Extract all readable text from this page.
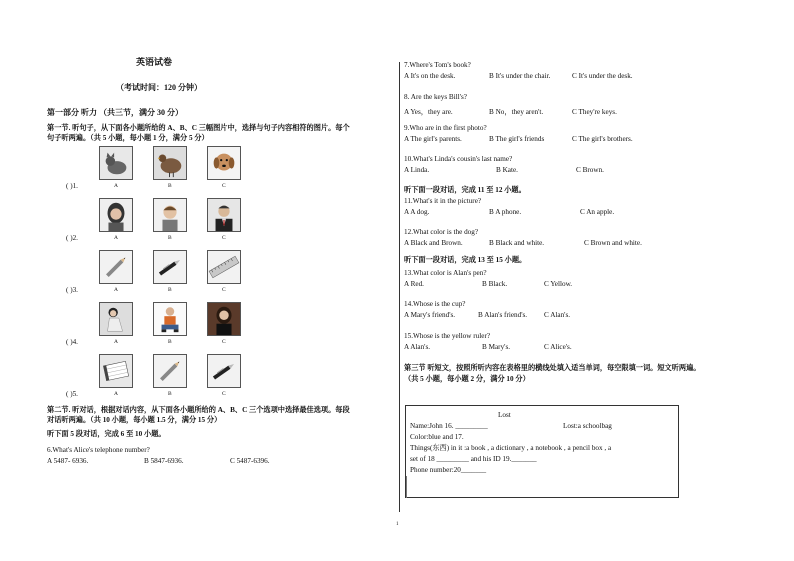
英语试卷
（考试时间：120 分钟）
第一部分 听力 （共三节，满分 30 分）
第一节. 听句子，从下面各小题所给的 A、B、C 三幅图片中，选择与句子内容相符的图片。每个
句子听两遍。（共 5 小题，每小题 1 分，满分 5 分）
( )1.	A	B	C
( )2.	A	B	C
( )3.	A	B	C
( )4.	A	B	C
( )5.	A	B	C
第二节. 听对话，根据对话内容，从下面各小题所给的 A、B、C 三个选项中选择最佳选项。每段
对话听两遍。（共 10 小题，每小题 1.5 分，满分 15 分）
听下面 5 段对话，完成 6 至 10 小题。
6.What's Alice's telephone number?
A 5487- 6936.	B 5847-6936.	C 5487-6396.
7.Where's Tom's book?
A It's on the desk.	B It's under the chair.	C It's under the desk.
8. Are the keys Bill's?
A Yes，they are.	B No，they aren't.	C They're keys.
9.Who are in the first photo?
A The girl's parents.	B The girl's friends	C The girl's brothers.
10.What's Linda's cousin's last name?
A Linda.	B Kate.	C Brown.
听下面一段对话，完成 11 至 12 小题。
11.What's it in the picture?
A A dog.	B A phone.	C An apple.
12.What color is the dog?
A Black and Brown.	B Black and white.	C Brown and white.
听下面一段对话，完成 13 至 15 小题。
13.What color is Alan's pen?
A Red.	B Black.	C Yellow.
14.Whose is the cup?
A Mary's friend's.	B Alan's friend's. C Alan's.
15.Whose is the yellow ruler?
A Alan's.	B Mary's.	C Alice's.
第三节 听短文，按照所听内容在表格里的横线处填入适当单词，每空限填一词。短文听两遍。
（共 5 小题，每小题 2 分，满分 10 分）
Lost
Name:John 16. _________	Lost:a schoolbag
Color:blue and 17.
Things(东西) in it :a book , a dictionary , a notebook , a pencil box , a
set of 18 _________ and his ID 19._______
Phone number:20_______
1
